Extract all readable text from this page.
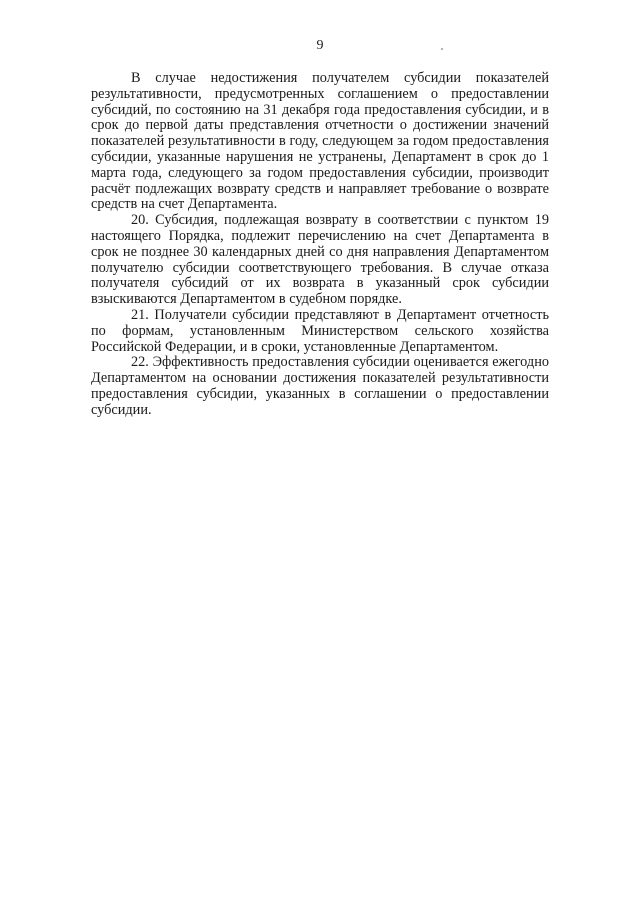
9

В случае недостижения получателем субсидии показателей результативности, предусмотренных соглашением о предоставлении субсидий, по состоянию на 31 декабря года предоставления субсидии, и в срок до первой даты представления отчетности о достижении значений показателей результативности в году, следующем за годом предоставления субсидии, указанные нарушения не устранены, Департамент в срок до 1 марта года, следующего за годом предоставления субсидии, производит расчёт подлежащих возврату средств и направляет требование о возврате средств на счет Департамента.

20. Субсидия, подлежащая возврату в соответствии с пунктом 19 настоящего Порядка, подлежит перечислению на счет Департамента в срок не позднее 30 календарных дней со дня направления Департаментом получателю субсидии соответствующего требования. В случае отказа получателя субсидий от их возврата в указанный срок субсидии взыскиваются Департаментом в судебном порядке.

21. Получатели субсидии представляют в Департамент отчетность по формам, установленным Министерством сельского хозяйства Российской Федерации, и в сроки, установленные Департаментом.

22. Эффективность предоставления субсидии оценивается ежегодно Департаментом на основании достижения показателей результативности предоставления субсидии, указанных в соглашении о предоставлении субсидии.
